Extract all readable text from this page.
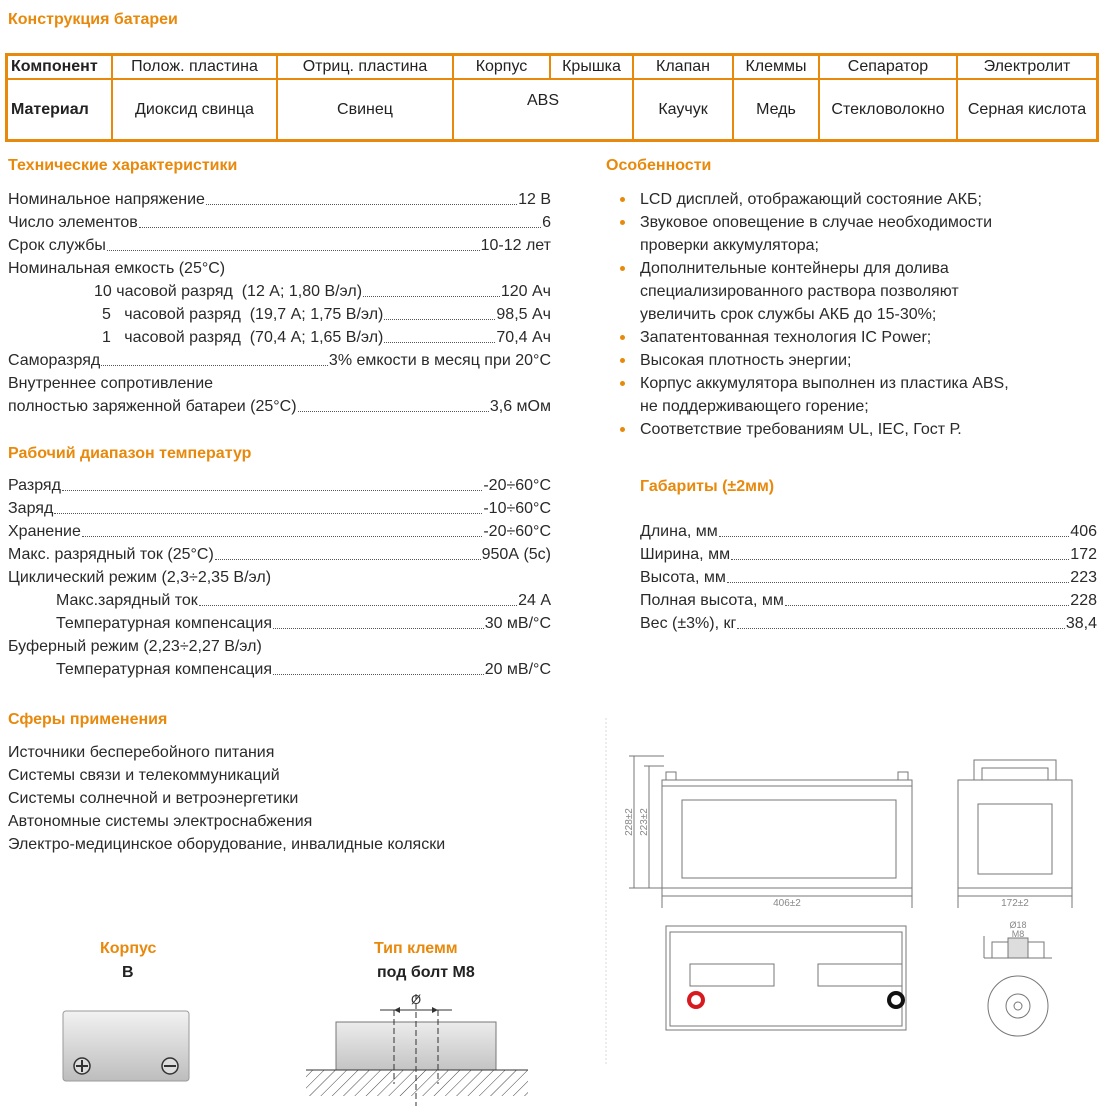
Конструкция батареи
Компонент	Полож. пластина	Отриц. пластина	Корпус	Крышка	Клапан	Клеммы	Сепаратор	Электролит
Материал	Диоксид свинца	Свинец	ABS		Каучук	Медь	Стекловолокно	Серная кислота
Технические характеристики
Номинальное напряжение	12 В
Число элементов	6
Срок службы	10-12 лет
Номинальная емкость (25°C)
10 часовой разряд  (12 А; 1,80 В/эл)	120 Ач
5   часовой разряд  (19,7 А; 1,75 В/эл)	98,5 Ач
1   часовой разряд  (70,4 А; 1,65 В/эл)	70,4 Ач
Саморазряд	3% емкости в месяц при 20°C
Внутреннее сопротивление
полностью заряженной батареи (25°C)	3,6 мОм
Рабочий диапазон температур
Разряд	-20÷60°C
Заряд	-10÷60°C
Хранение	-20÷60°C
Макс. разрядный ток (25°C)	950А (5с)
Циклический режим (2,3÷2,35 В/эл)
Макс.зарядный ток	24 А
Температурная компенсация	30 мВ/°C
Буферный режим (2,23÷2,27 В/эл)
Температурная компенсация	20 мВ/°C
Сферы применения
Источники бесперебойного питания
Системы связи и телекоммуникаций
Системы солнечной и ветроэнергетики
Автономные системы электроснабжения
Электро-медицинское оборудование, инвалидные коляски
Особенности
LCD дисплей, отображающий состояние АКБ;
Звуковое оповещение в случае необходимости
проверки аккумулятора;
Дополнительные контейнеры для долива
специализированного раствора позволяют
увеличить срок службы АКБ до 15-30%;
Запатентованная технология IC Power;
Высокая плотность энергии;
Корпус аккумулятора выполнен из пластика ABS,
не поддерживающего горение;
Соответствие требованиям UL, IEC, Гост Р.
Габариты (±2мм)
Длина, мм	406
Ширина, мм	172
Высота, мм	223
Полная высота, мм	228
Вес (±3%), кг	38,4
406±2
228±2 223±2
172±2
Ø18
M8
Корпус
B
Тип клемм
под болт M8
Ø
